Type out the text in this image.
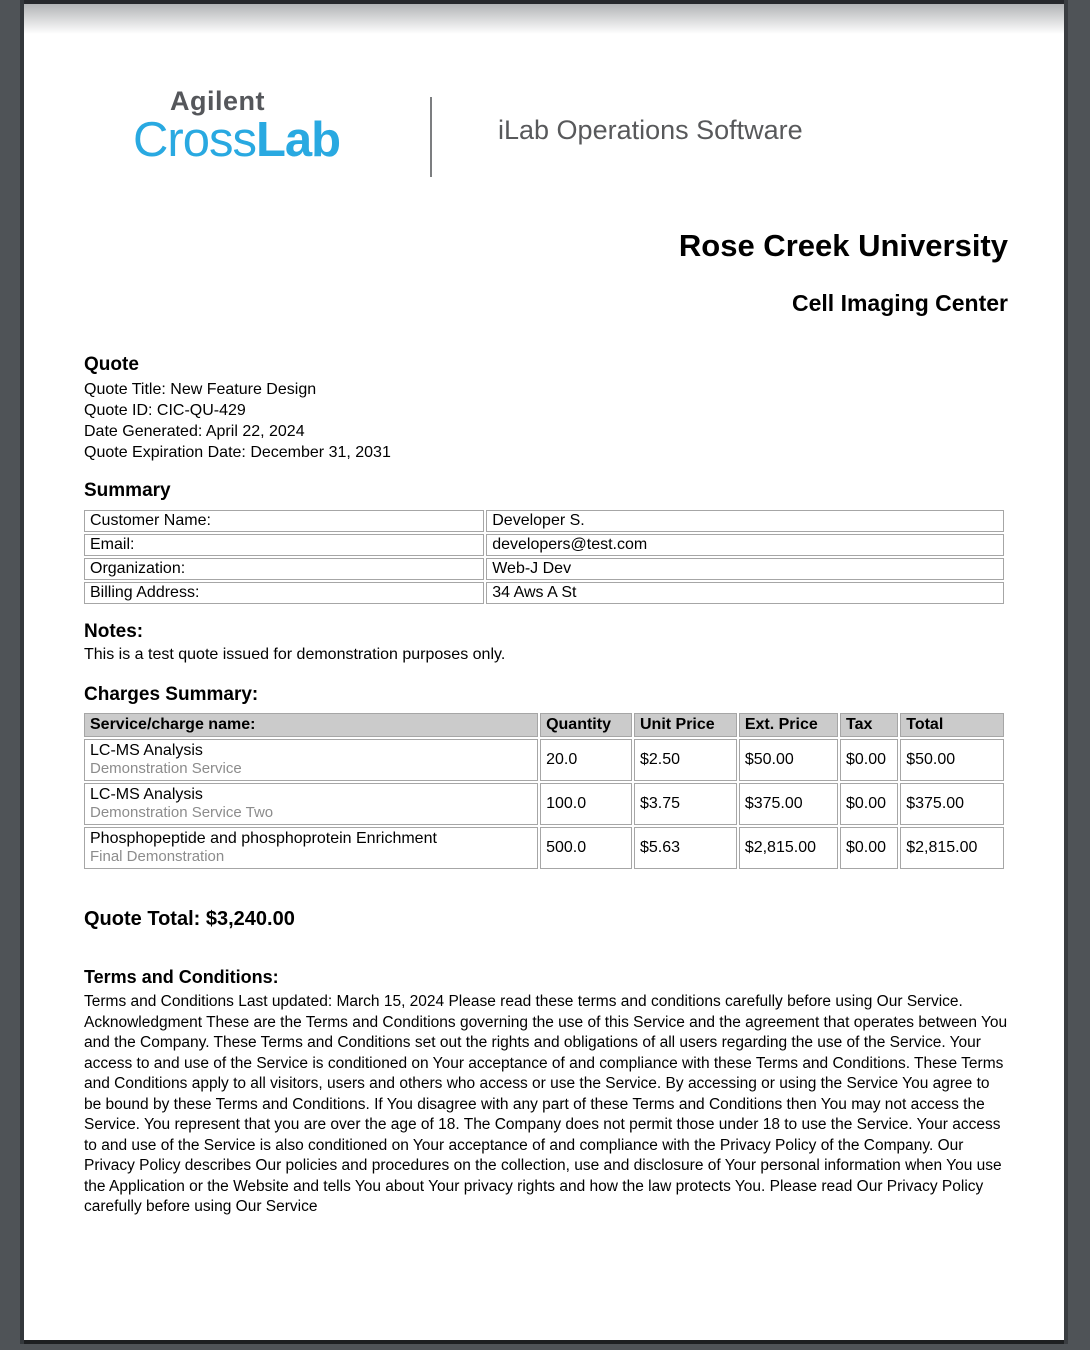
Agilent
CrossLab	iLab Operations Software
Rose Creek University
Cell Imaging Center
Quote
Quote Title: New Feature Design
Quote ID: CIC-QU-429
Date Generated: April 22, 2024
Quote Expiration Date: December 31, 2031
Summary
Customer Name:	Developer S.
Email:	developers@test.com
Organization:	Web-J Dev
Billing Address:	34 Aws A St
Notes:
This is a test quote issued for demonstration purposes only.
Charges Summary:
Service/charge name:	Quantity	Unit Price	Ext. Price	Tax	Total

LC-MS Analysis
Demonstration Service	20.0	$2.50	$50.00	$0.00	$50.00

LC-MS Analysis
Demonstration Service Two	100.0	$3.75	$375.00	$0.00	$375.00

Phosphopeptide and phosphoprotein Enrichment
Final Demonstration	500.0	$5.63	$2,815.00	$0.00	$2,815.00
Quote Total: $3,240.00
Terms and Conditions:
Terms and Conditions Last updated: March 15, 2024 Please read these terms and conditions carefully before using Our Service. Acknowledgment These are the Terms and Conditions governing the use of this Service and the agreement that operates between You and the Company. These Terms and Conditions set out the rights and obligations of all users regarding the use of the Service. Your access to and use of the Service is conditioned on Your acceptance of and compliance with these Terms and Conditions. These Terms and Conditions apply to all visitors, users and others who access or use the Service. By accessing or using the Service You agree to be bound by these Terms and Conditions. If You disagree with any part of these Terms and Conditions then You may not access the Service. You represent that you are over the age of 18. The Company does not permit those under 18 to use the Service. Your access to and use of the Service is also conditioned on Your acceptance of and compliance with the Privacy Policy of the Company. Our Privacy Policy describes Our policies and procedures on the collection, use and disclosure of Your personal information when You use the Application or the Website and tells You about Your privacy rights and how the law protects You. Please read Our Privacy Policy carefully before using Our Service
